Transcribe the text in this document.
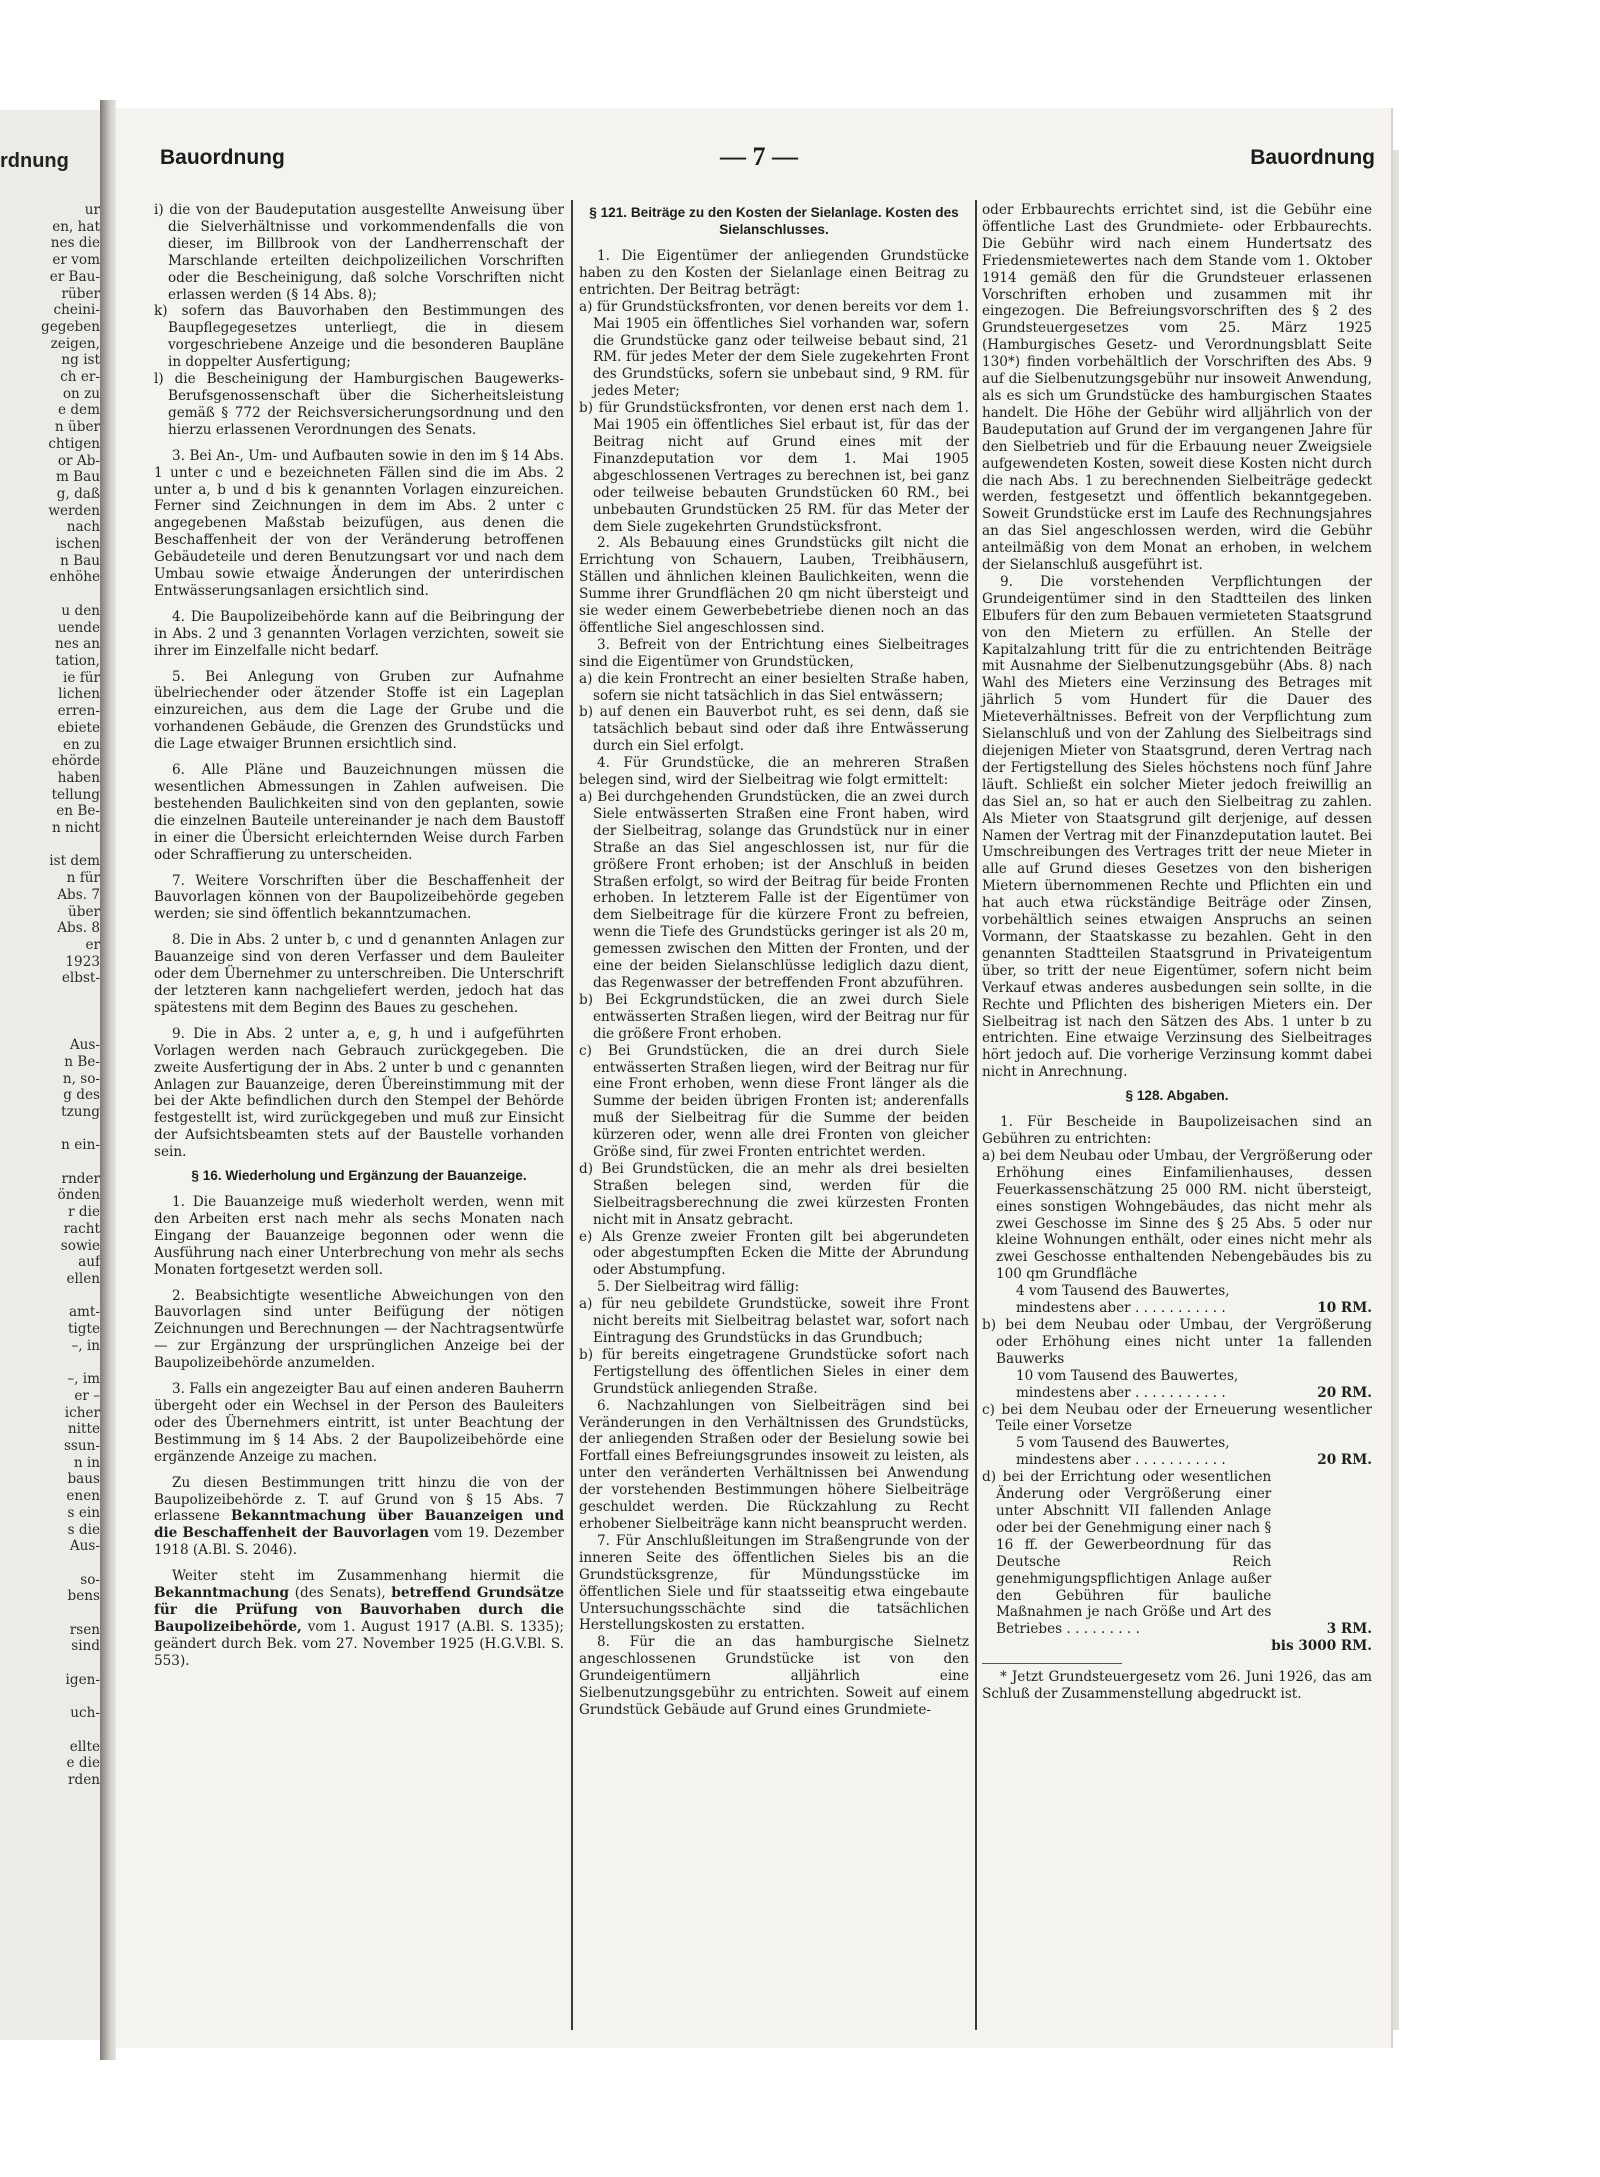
rdnung
ur
en, hat
nes die
er vom
er Bau-
rüber
cheini-
gegeben
zeigen,
ng ist
ch er-
on zu
e dem
n über
chtigen
or Ab-
m Bau
g, daß
werden
nach
ischen
n Bau
enhöhe

u den
uende
nes an
tation,
ie für
lichen
erren-
ebiete
en zu
ehörde
haben
tellung
en Be-
n nicht

ist dem
n für
Abs. 7
über
Abs. 8
er
1923
elbst-

Aus-
n Be-
n, so-
g des
tzung

n ein-

rnder
önden
r die
racht
sowie
auf
ellen

amt-
tigte
–, in

–, im
er –
icher
nitte
ssun-
n in
baus
enen
s ein
s die
Aus-

so-
bens

rsen
sind

igen-

uch-

ellte
e die
rden
Bauordnung	— 7 —	Bauordnung

i) die von der Baudeputation ausgestellte Anweisung über die Sielverhältnisse und vorkommendenfalls die von dieser, im Billbrook von der Landherrenschaft der Marschlande erteilten deichpolizeilichen Vorschriften oder die Bescheinigung, daß solche Vorschriften nicht erlassen werden (§ 14 Abs. 8);

k) sofern das Bauvorhaben den Bestimmungen des Baupflegegesetzes unterliegt, die in diesem vorgeschriebene Anzeige und die besonderen Baupläne in doppelter Ausfertigung;

l) die Bescheinigung der Hamburgischen Baugewerks-Berufsgenossenschaft über die Sicherheitsleistung gemäß § 772 der Reichsversicherungsordnung und den hierzu erlassenen Verordnungen des Senats.

3. Bei An-, Um- und Aufbauten sowie in den im § 14 Abs. 1 unter c und e bezeichneten Fällen sind die im Abs. 2 unter a, b und d bis k genannten Vorlagen einzureichen. Ferner sind Zeichnungen in dem im Abs. 2 unter c angegebenen Maßstab beizufügen, aus denen die Beschaffenheit der von der Veränderung betroffenen Gebäudeteile und deren Benutzungsart vor und nach dem Umbau sowie etwaige Änderungen der unterirdischen Entwässerungsanlagen ersichtlich sind.

4. Die Baupolizeibehörde kann auf die Beibringung der in Abs. 2 und 3 genannten Vorlagen verzichten, soweit sie ihrer im Einzelfalle nicht bedarf.

5. Bei Anlegung von Gruben zur Aufnahme übelriechender oder ätzender Stoffe ist ein Lageplan einzureichen, aus dem die Lage der Grube und die vorhandenen Gebäude, die Grenzen des Grundstücks und die Lage etwaiger Brunnen ersichtlich sind.

6. Alle Pläne und Bauzeichnungen müssen die wesentlichen Abmessungen in Zahlen aufweisen. Die bestehenden Baulichkeiten sind von den geplanten, sowie die einzelnen Bauteile untereinander je nach dem Baustoff in einer die Übersicht erleichternden Weise durch Farben oder Schraffierung zu unterscheiden.

7. Weitere Vorschriften über die Beschaffenheit der Bauvorlagen können von der Baupolizeibehörde gegeben werden; sie sind öffentlich bekanntzumachen.

8. Die in Abs. 2 unter b, c und d genannten Anlagen zur Bauanzeige sind von deren Verfasser und dem Bauleiter oder dem Übernehmer zu unterschreiben. Die Unterschrift der letzteren kann nachgeliefert werden, jedoch hat das spätestens mit dem Beginn des Baues zu geschehen.

9. Die in Abs. 2 unter a, e, g, h und i aufgeführten Vorlagen werden nach Gebrauch zurückgegeben. Die zweite Ausfertigung der in Abs. 2 unter b und c genannten Anlagen zur Bauanzeige, deren Übereinstimmung mit der bei der Akte befindlichen durch den Stempel der Behörde festgestellt ist, wird zurückgegeben und muß zur Einsicht der Aufsichtsbeamten stets auf der Baustelle vorhanden sein.

§ 16. Wiederholung und Ergänzung der Bauanzeige.

1. Die Bauanzeige muß wiederholt werden, wenn mit den Arbeiten erst nach mehr als sechs Monaten nach Eingang der Bauanzeige begonnen oder wenn die Ausführung nach einer Unterbrechung von mehr als sechs Monaten fortgesetzt werden soll.

2. Beabsichtigte wesentliche Abweichungen von den Bauvorlagen sind unter Beifügung der nötigen Zeichnungen und Berechnungen — der Nachtragsentwürfe — zur Ergänzung der ursprünglichen Anzeige bei der Baupolizeibehörde anzumelden.

3. Falls ein angezeigter Bau auf einen anderen Bauherrn übergeht oder ein Wechsel in der Person des Bauleiters oder des Übernehmers eintritt, ist unter Beachtung der Bestimmung im § 14 Abs. 2 der Baupolizeibehörde eine ergänzende Anzeige zu machen.

Zu diesen Bestimmungen tritt hinzu die von der Baupolizeibehörde z. T. auf Grund von § 15 Abs. 7 erlassene Bekanntmachung über Bauanzeigen und die Beschaffenheit der Bauvorlagen vom 19. Dezember 1918 (A.Bl. S. 2046).

Weiter steht im Zusammenhang hiermit die Bekanntmachung (des Senats), betreffend Grundsätze für die Prüfung von Bauvorhaben durch die Baupolizeibehörde, vom 1. August 1917 (A.Bl. S. 1335); geändert durch Bek. vom 27. November 1925 (H.G.V.Bl. S. 553).

§ 121. Beiträge zu den Kosten der Sielanlage. Kosten des Sielanschlusses.

1. Die Eigentümer der anliegenden Grundstücke haben zu den Kosten der Sielanlage einen Beitrag zu entrichten. Der Beitrag beträgt:

a) für Grundstücksfronten, vor denen bereits vor dem 1. Mai 1905 ein öffentliches Siel vorhanden war, sofern die Grundstücke ganz oder teilweise bebaut sind, 21 RM. für jedes Meter der dem Siele zugekehrten Front des Grundstücks, sofern sie unbebaut sind, 9 RM. für jedes Meter;

b) für Grundstücksfronten, vor denen erst nach dem 1. Mai 1905 ein öffentliches Siel erbaut ist, für das der Beitrag nicht auf Grund eines mit der Finanzdeputation vor dem 1. Mai 1905 abgeschlossenen Vertrages zu berechnen ist, bei ganz oder teilweise bebauten Grundstücken 60 RM., bei unbebauten Grundstücken 25 RM. für das Meter der dem Siele zugekehrten Grundstücksfront.

2. Als Bebauung eines Grundstücks gilt nicht die Errichtung von Schauern, Lauben, Treibhäusern, Ställen und ähnlichen kleinen Baulichkeiten, wenn die Summe ihrer Grundflächen 20 qm nicht übersteigt und sie weder einem Gewerbebetriebe dienen noch an das öffentliche Siel angeschlossen sind.

3. Befreit von der Entrichtung eines Sielbeitrages sind die Eigentümer von Grundstücken,

a) die kein Frontrecht an einer besielten Straße haben, sofern sie nicht tatsächlich in das Siel entwässern;

b) auf denen ein Bauverbot ruht, es sei denn, daß sie tatsächlich bebaut sind oder daß ihre Entwässerung durch ein Siel erfolgt.

4. Für Grundstücke, die an mehreren Straßen belegen sind, wird der Sielbeitrag wie folgt ermittelt:

a) Bei durchgehenden Grundstücken, die an zwei durch Siele entwässerten Straßen eine Front haben, wird der Sielbeitrag, solange das Grundstück nur in einer Straße an das Siel angeschlossen ist, nur für die größere Front erhoben; ist der Anschluß in beiden Straßen erfolgt, so wird der Beitrag für beide Fronten erhoben. In letzterem Falle ist der Eigentümer von dem Sielbeitrage für die kürzere Front zu befreien, wenn die Tiefe des Grundstücks geringer ist als 20 m, gemessen zwischen den Mitten der Fronten, und der eine der beiden Sielanschlüsse lediglich dazu dient, das Regenwasser der betreffenden Front abzuführen.

b) Bei Eckgrundstücken, die an zwei durch Siele entwässerten Straßen liegen, wird der Beitrag nur für die größere Front erhoben.

c) Bei Grundstücken, die an drei durch Siele entwässerten Straßen liegen, wird der Beitrag nur für eine Front erhoben, wenn diese Front länger als die Summe der beiden übrigen Fronten ist; anderenfalls muß der Sielbeitrag für die Summe der beiden kürzeren oder, wenn alle drei Fronten von gleicher Größe sind, für zwei Fronten entrichtet werden.

d) Bei Grundstücken, die an mehr als drei besielten Straßen belegen sind, werden für die Sielbeitragsberechnung die zwei kürzesten Fronten nicht mit in Ansatz gebracht.

e) Als Grenze zweier Fronten gilt bei abgerundeten oder abgestumpften Ecken die Mitte der Abrundung oder Abstumpfung.

5. Der Sielbeitrag wird fällig:

a) für neu gebildete Grundstücke, soweit ihre Front nicht bereits mit Sielbeitrag belastet war, sofort nach Eintragung des Grundstücks in das Grundbuch;

b) für bereits eingetragene Grundstücke sofort nach Fertigstellung des öffentlichen Sieles in einer dem Grundstück anliegenden Straße.

6. Nachzahlungen von Sielbeiträgen sind bei Veränderungen in den Verhältnissen des Grundstücks, der anliegenden Straßen oder der Besielung sowie bei Fortfall eines Befreiungsgrundes insoweit zu leisten, als unter den veränderten Verhältnissen bei Anwendung der vorstehenden Bestimmungen höhere Sielbeiträge geschuldet werden. Die Rückzahlung zu Recht erhobener Sielbeiträge kann nicht beansprucht werden.

7. Für Anschlußleitungen im Straßengrunde von der inneren Seite des öffentlichen Sieles bis an die Grundstücksgrenze, für Mündungsstücke im öffentlichen Siele und für staatsseitig etwa eingebaute Untersuchungsschächte sind die tatsächlichen Herstellungskosten zu erstatten.

8. Für die an das hamburgische Sielnetz angeschlossenen Grundstücke ist von den Grundeigentümern alljährlich eine Sielbenutzungsgebühr zu entrichten. Soweit auf einem Grundstück Gebäude auf Grund eines Grundmiete-

oder Erbbaurechts errichtet sind, ist die Gebühr eine öffentliche Last des Grundmiete- oder Erbbaurechts. Die Gebühr wird nach einem Hundertsatz des Friedensmietewertes nach dem Stande vom 1. Oktober 1914 gemäß den für die Grundsteuer erlassenen Vorschriften erhoben und zusammen mit ihr eingezogen. Die Befreiungsvorschriften des § 2 des Grundsteuergesetzes vom 25. März 1925 (Hamburgisches Gesetz- und Verordnungsblatt Seite 130*) finden vorbehältlich der Vorschriften des Abs. 9 auf die Sielbenutzungsgebühr nur insoweit Anwendung, als es sich um Grundstücke des hamburgischen Staates handelt. Die Höhe der Gebühr wird alljährlich von der Baudeputation auf Grund der im vergangenen Jahre für den Sielbetrieb und für die Erbauung neuer Zweigsiele aufgewendeten Kosten, soweit diese Kosten nicht durch die nach Abs. 1 zu berechnenden Sielbeiträge gedeckt werden, festgesetzt und öffentlich bekanntgegeben. Soweit Grundstücke erst im Laufe des Rechnungsjahres an das Siel angeschlossen werden, wird die Gebühr anteilmäßig von dem Monat an erhoben, in welchem der Sielanschluß ausgeführt ist.

9. Die vorstehenden Verpflichtungen der Grundeigentümer sind in den Stadtteilen des linken Elbufers für den zum Bebauen vermieteten Staatsgrund von den Mietern zu erfüllen. An Stelle der Kapitalzahlung tritt für die zu entrichtenden Beiträge mit Ausnahme der Sielbenutzungsgebühr (Abs. 8) nach Wahl des Mieters eine Verzinsung des Betrages mit jährlich 5 vom Hundert für die Dauer des Mieteverhältnisses. Befreit von der Verpflichtung zum Sielanschluß und von der Zahlung des Sielbeitrags sind diejenigen Mieter von Staatsgrund, deren Vertrag nach der Fertigstellung des Sieles höchstens noch fünf Jahre läuft. Schließt ein solcher Mieter jedoch freiwillig an das Siel an, so hat er auch den Sielbeitrag zu zahlen. Als Mieter von Staatsgrund gilt derjenige, auf dessen Namen der Vertrag mit der Finanzdeputation lautet. Bei Umschreibungen des Vertrages tritt der neue Mieter in alle auf Grund dieses Gesetzes von den bisherigen Mietern übernommenen Rechte und Pflichten ein und hat auch etwa rückständige Beiträge oder Zinsen, vorbehältlich seines etwaigen Anspruchs an seinen Vormann, der Staatskasse zu bezahlen. Geht in den genannten Stadtteilen Staatsgrund in Privateigentum über, so tritt der neue Eigentümer, sofern nicht beim Verkauf etwas anderes ausbedungen sein sollte, in die Rechte und Pflichten des bisherigen Mieters ein. Der Sielbeitrag ist nach den Sätzen des Abs. 1 unter b zu entrichten. Eine etwaige Verzinsung des Sielbeitrages hört jedoch auf. Die vorherige Verzinsung kommt dabei nicht in Anrechnung.

§ 128. Abgaben.

1. Für Bescheide in Baupolizeisachen sind an Gebühren zu entrichten:

a) bei dem Neubau oder Umbau, der Vergrößerung oder Erhöhung eines Einfamilienhauses, dessen Feuerkassenschätzung 25 000 RM. nicht übersteigt, eines sonstigen Wohngebäudes, das nicht mehr als zwei Geschosse im Sinne des § 25 Abs. 5 oder nur kleine Wohnungen enthält, oder eines nicht mehr als zwei Geschosse enthaltenden Nebengebäudes bis zu 100 qm Grundfläche	
4 vom Tausend des Bauwertes, mindestens aber . . . . . . . . . . .	10 RM.
b) bei dem Neubau oder Umbau, der Vergrößerung oder Erhöhung eines nicht unter 1a fallenden Bauwerks	
10 vom Tausend des Bauwertes, mindestens aber . . . . . . . . . . .	20 RM.
c) bei dem Neubau oder der Erneuerung wesentlicher Teile einer Vorsetze	
5 vom Tausend des Bauwertes, mindestens aber . . . . . . . . . . .	20 RM.
d) bei der Errichtung oder wesentlichen Änderung oder Vergrößerung einer unter Abschnitt VII fallenden Anlage oder bei der Genehmigung einer nach § 16 ff. der Gewerbeordnung für das Deutsche Reich genehmigungspflichtigen Anlage außer den Gebühren für bauliche Maßnahmen je nach Größe und Art des Betriebes . . . . . . . . .	3 RM.
	bis 3000 RM.

* Jetzt Grundsteuergesetz vom 26. Juni 1926, das am Schluß der Zusammenstellung abgedruckt ist.
